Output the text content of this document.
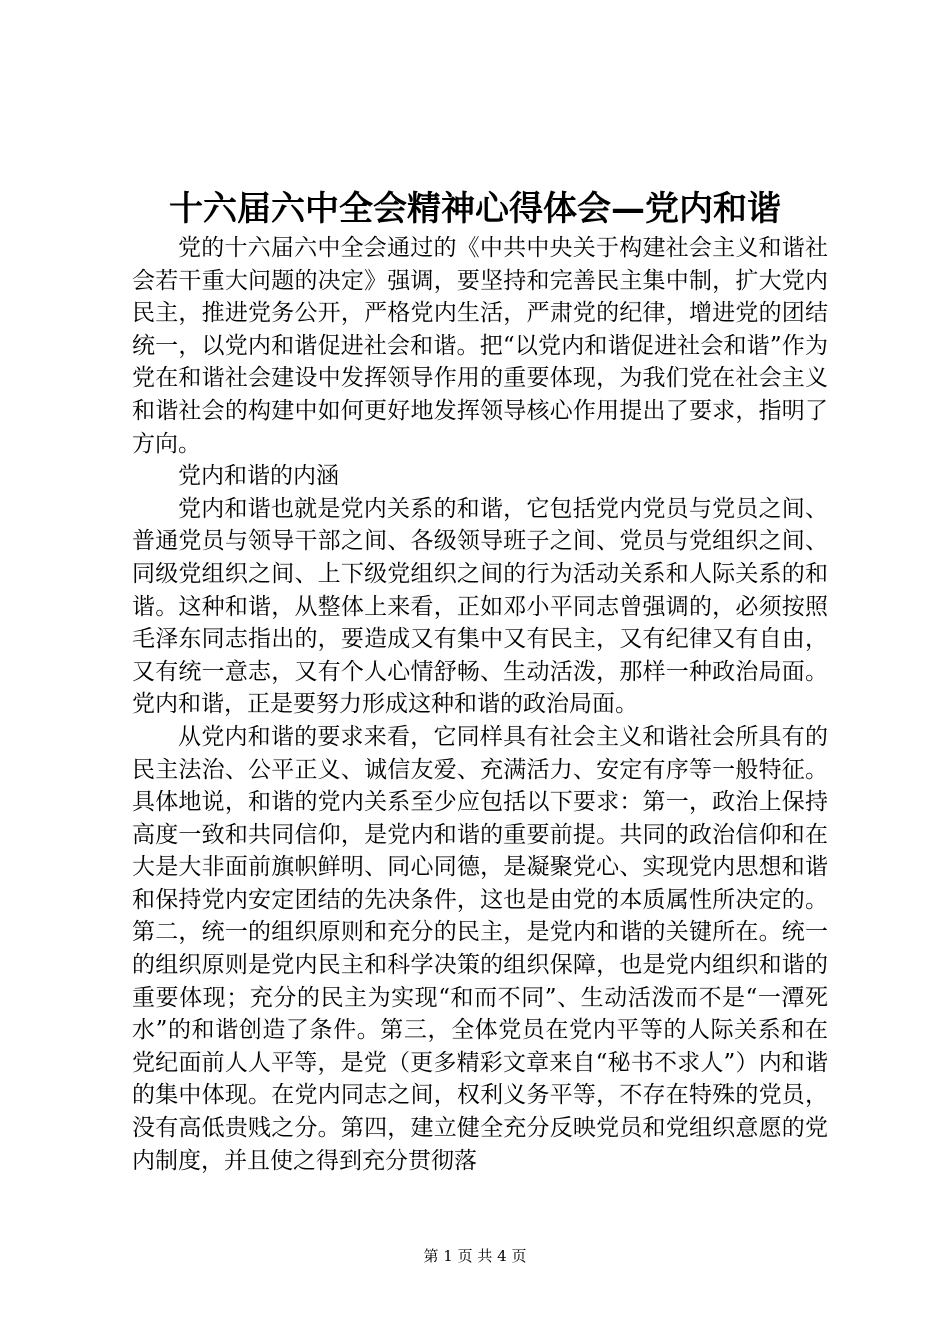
十六届六中全会精神心得体会—党内和谐

党的十六届六中全会通过的《中共中央关于构建社会主义和谐社会若干重大问题的决定》强调，要坚持和完善民主集中制，扩大党内民主，推进党务公开，严格党内生活，严肃党的纪律，增进党的团结统一，以党内和谐促进社会和谐。把“以党内和谐促进社会和谐”作为党在和谐社会建设中发挥领导作用的重要体现，为我们党在社会主义和谐社会的构建中如何更好地发挥领导核心作用提出了要求，指明了方向。

党内和谐的内涵

党内和谐也就是党内关系的和谐，它包括党内党员与党员之间、普通党员与领导干部之间、各级领导班子之间、党员与党组织之间、同级党组织之间、上下级党组织之间的行为活动关系和人际关系的和谐。这种和谐，从整体上来看，正如邓小平同志曾强调的，必须按照毛泽东同志指出的，要造成又有集中又有民主，又有纪律又有自由，又有统一意志，又有个人心情舒畅、生动活泼，那样一种政治局面。党内和谐，正是要努力形成这种和谐的政治局面。

从党内和谐的要求来看，它同样具有社会主义和谐社会所具有的民主法治、公平正义、诚信友爱、充满活力、安定有序等一般特征。具体地说，和谐的党内关系至少应包括以下要求：第一，政治上保持高度一致和共同信仰，是党内和谐的重要前提。共同的政治信仰和在大是大非面前旗帜鲜明、同心同德，是凝聚党心、实现党内思想和谐和保持党内安定团结的先决条件，这也是由党的本质属性所决定的。第二，统一的组织原则和充分的民主，是党内和谐的关键所在。统一的组织原则是党内民主和科学决策的组织保障，也是党内组织和谐的重要体现；充分的民主为实现“和而不同”、生动活泼而不是“一潭死水”的和谐创造了条件。第三，全体党员在党内平等的人际关系和在党纪面前人人平等，是党（更多精彩文章来自“秘书不求人”）内和谐的集中体现。在党内同志之间，权利义务平等，不存在特殊的党员，没有高低贵贱之分。第四，建立健全充分反映党员和党组织意愿的党内制度，并且使之得到充分贯彻落

第 1 页 共 4 页
